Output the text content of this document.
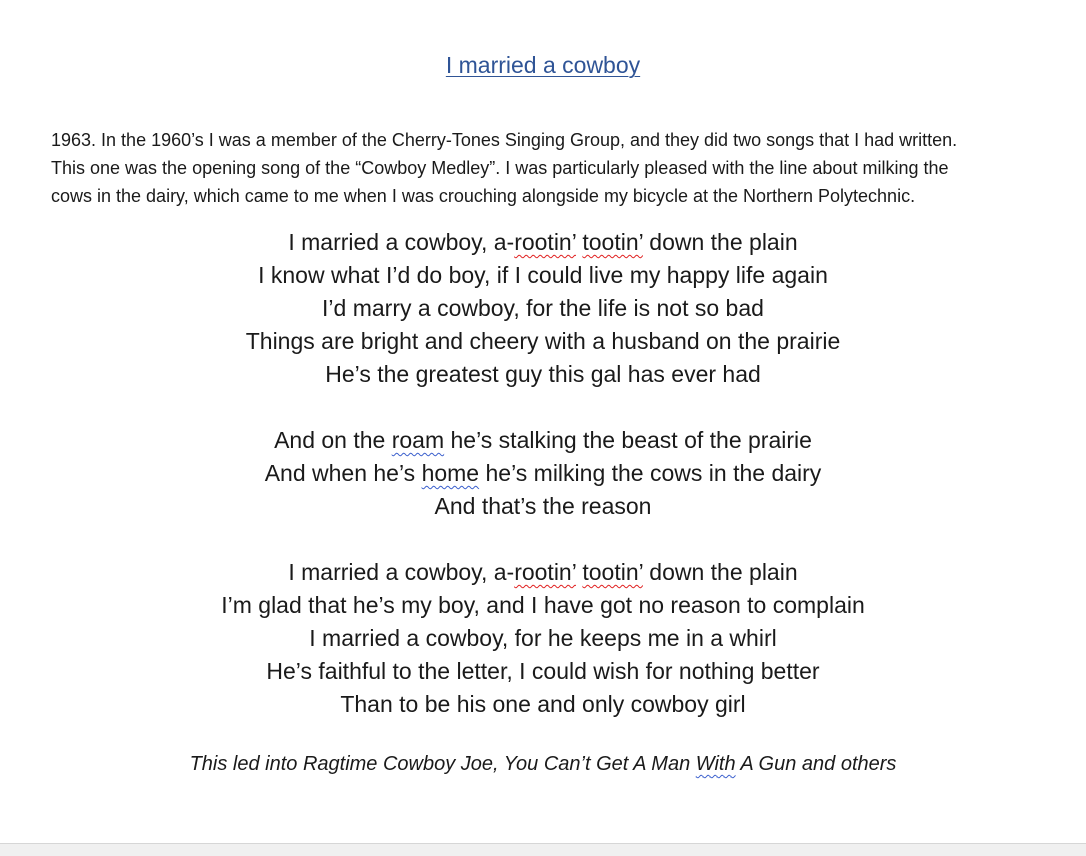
I married a cowboy
1963. In the 1960’s I was a member of the Cherry-Tones Singing Group, and they did two songs that I had written.
This one was the opening song of the “Cowboy Medley”. I was particularly pleased with the line about milking the
cows in the dairy, which came to me when I was crouching alongside my bicycle at the Northern Polytechnic.
I married a cowboy, a-rootin’ tootin’ down the plain
I know what I’d do boy, if I could live my happy life again
I’d marry a cowboy, for the life is not so bad
Things are bright and cheery with a husband on the prairie
He’s the greatest guy this gal has ever had
And on the roam he’s stalking the beast of the prairie
And when he’s home he’s milking the cows in the dairy
And that’s the reason
I married a cowboy, a-rootin’ tootin’ down the plain
I’m glad that he’s my boy, and I have got no reason to complain
I married a cowboy, for he keeps me in a whirl
He’s faithful to the letter, I could wish for nothing better
Than to be his one and only cowboy girl
This led into Ragtime Cowboy Joe, You Can’t Get A Man With A Gun and others
